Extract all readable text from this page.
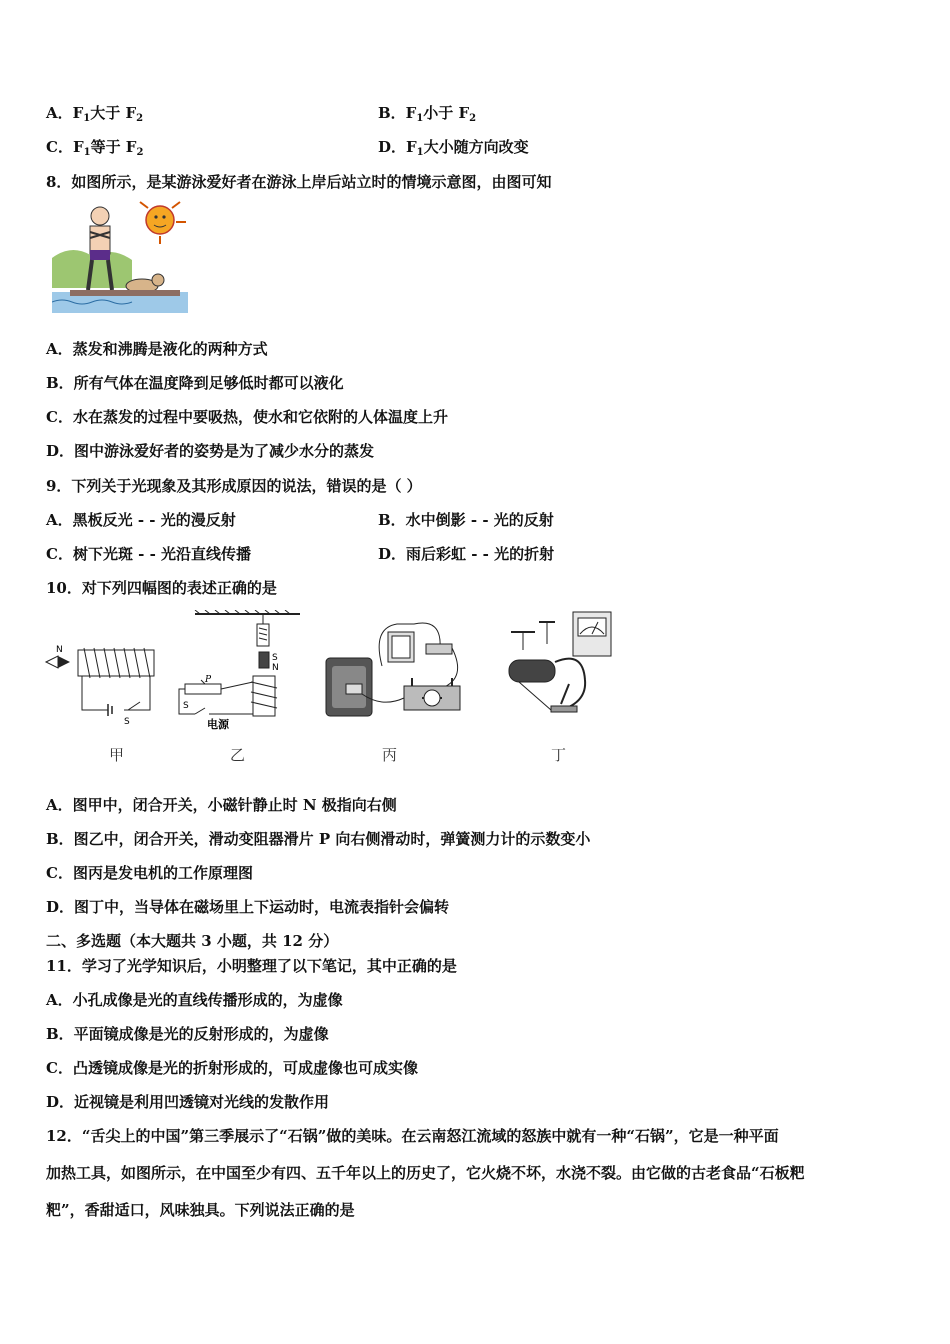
A．$F_1$大于 $F_2$	B．$F_1$小于 $F_2$
C．$F_1$等于 $F_2$	D．$F_1$大小随方向改变
8．如图所示，是某游泳爱好者在游泳上岸后站立时的情境示意图，由图可知
A．蒸发和沸腾是液化的两种方式
B．所有气体在温度降到足够低时都可以液化
C．水在蒸发的过程中要吸热，使水和它依附的人体温度上升
D．图中游泳爱好者的姿势是为了减少水分的蒸发
9．下列关于光现象及其形成原因的说法，错误的是（ ）
A．黑板反光 - - 光的漫反射	B．水中倒影 - - 光的反射
C．树下光斑 - - 光沿直线传播	D．雨后彩虹 - - 光的折射
10．对下列四幅图的表述正确的是
N
S
S
N
P
S
电源
甲	乙	丙	丁
A．图甲中，闭合开关，小磁针静止时 N 极指向右侧
B．图乙中，闭合开关，滑动变阻器滑片 P 向右侧滑动时，弹簧测力计的示数变小
C．图丙是发电机的工作原理图
D．图丁中，当导体在磁场里上下运动时，电流表指针会偏转
二、多选题（本大题共 3 小题，共 12 分）
11．学习了光学知识后，小明整理了以下笔记，其中正确的是
A．小孔成像是光的直线传播形成的，为虚像
B．平面镜成像是光的反射形成的，为虚像
C．凸透镜成像是光的折射形成的，可成虚像也可成实像
D．近视镜是利用凹透镜对光线的发散作用
12．“舌尖上的中国”第三季展示了“石锅”做的美味。在云南怒江流域的怒族中就有一种“石锅”，它是一种平面
加热工具，如图所示，在中国至少有四、五千年以上的历史了，它火烧不坏，水浇不裂。由它做的古老食品“石板粑
粑”，香甜适口，风味独具。下列说法正确的是
